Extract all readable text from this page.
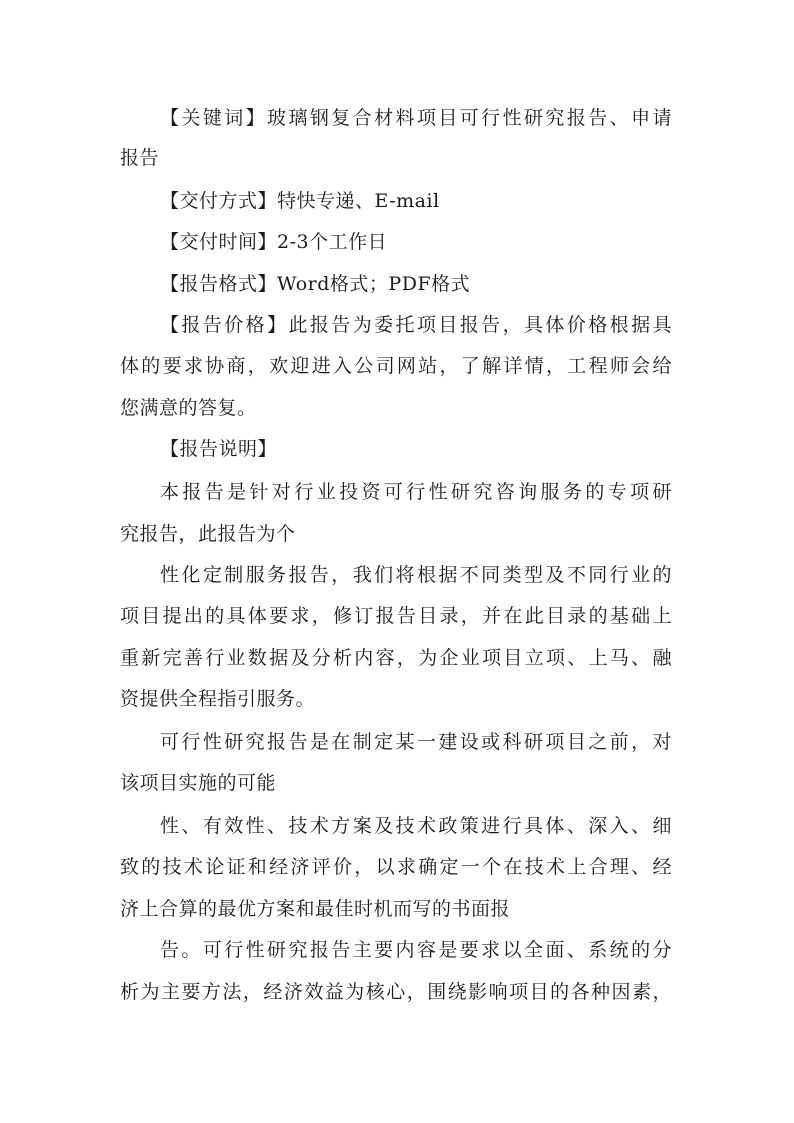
【关键词】玻璃钢复合材料项目可行性研究报告、申请
报告
【交付方式】特快专递、E-mail
【交付时间】2-3个工作日
【报告格式】Word格式；PDF格式
【报告价格】此报告为委托项目报告，具体价格根据具
体的要求协商，欢迎进入公司网站，了解详情，工程师会给
您满意的答复。
【报告说明】
本报告是针对行业投资可行性研究咨询服务的专项研
究报告，此报告为个
性化定制服务报告，我们将根据不同类型及不同行业的
项目提出的具体要求，修订报告目录，并在此目录的基础上
重新完善行业数据及分析内容，为企业项目立项、上马、融
资提供全程指引服务。
可行性研究报告是在制定某一建设或科研项目之前，对
该项目实施的可能
性、有效性、技术方案及技术政策进行具体、深入、细
致的技术论证和经济评价，以求确定一个在技术上合理、经
济上合算的最优方案和最佳时机而写的书面报
告。可行性研究报告主要内容是要求以全面、系统的分
析为主要方法，经济效益为核心，围绕影响项目的各种因素，
